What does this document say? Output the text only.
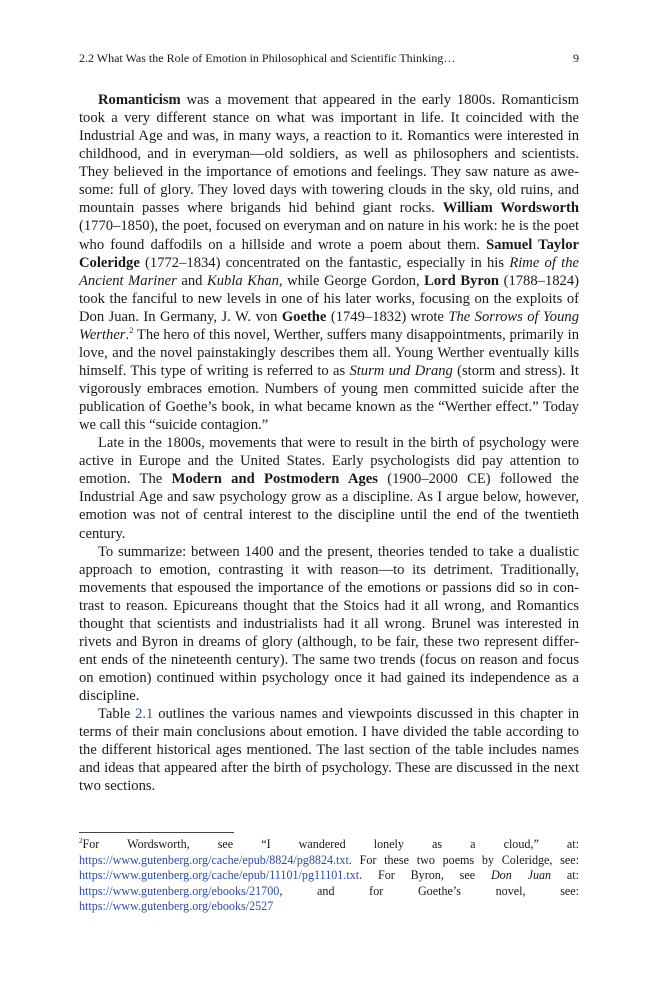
2.2 What Was the Role of Emotion in Philosophical and Scientific Thinking…	9

Romanticism was a movement that appeared in the early 1800s. Romanticism took a very different stance on what was important in life. It coincided with the Industrial Age and was, in many ways, a reaction to it. Romantics were interested in childhood, and in everyman—old soldiers, as well as philosophers and scientists. They believed in the importance of emotions and feelings. They saw nature as awe-some: full of glory. They loved days with towering clouds in the sky, old ruins, and mountain passes where brigands hid behind giant rocks. William Wordsworth (1770–1850), the poet, focused on everyman and on nature in his work: he is the poet who found daffodils on a hillside and wrote a poem about them. Samuel Taylor Coleridge (1772–1834) concentrated on the fantastic, especially in his Rime of the Ancient Mariner and Kubla Khan, while George Gordon, Lord Byron (1788–1824) took the fanciful to new levels in one of his later works, focusing on the exploits of Don Juan. In Germany, J. W. von Goethe (1749–1832) wrote The Sorrows of Young Werther.$^2$ The hero of this novel, Werther, suffers many disappointments, primarily in love, and the novel painstakingly describes them all. Young Werther eventually kills himself. This type of writing is referred to as Sturm und Drang (storm and stress). It vigorously embraces emotion. Numbers of young men committed suicide after the publication of Goethe’s book, in what became known as the “Werther effect.” Today we call this “suicide contagion.”

Late in the 1800s, movements that were to result in the birth of psychology were active in Europe and the United States. Early psychologists did pay attention to emotion. The Modern and Postmodern Ages (1900–2000 CE) followed the Industrial Age and saw psychology grow as a discipline. As I argue below, however, emotion was not of central interest to the discipline until the end of the twentieth century.

To summarize: between 1400 and the present, theories tended to take a dualistic approach to emotion, contrasting it with reason—to its detriment. Traditionally, movements that espoused the importance of the emotions or passions did so in con-trast to reason. Epicureans thought that the Stoics had it all wrong, and Romantics thought that scientists and industrialists had it all wrong. Brunel was interested in rivets and Byron in dreams of glory (although, to be fair, these two represent differ-ent ends of the nineteenth century). The same two trends (focus on reason and focus on emotion) continued within psychology once it had gained its independence as a discipline.

Table 2.1 outlines the various names and viewpoints discussed in this chapter in terms of their main conclusions about emotion. I have divided the table according to the different historical ages mentioned. The last section of the table includes names and ideas that appeared after the birth of psychology. These are discussed in the next two sections.

$^2$For Wordsworth, see “I wandered lonely as a cloud,” at: https://www.gutenberg.org/cache/epub/8824/pg8824.txt. For these two poems by Coleridge, see: https://www.gutenberg.org/cache/epub/11101/pg11101.txt. For Byron, see Don Juan at: https://www.gutenberg.org/ebooks/21700, and for Goethe’s novel, see: https://www.gutenberg.org/ebooks/2527
